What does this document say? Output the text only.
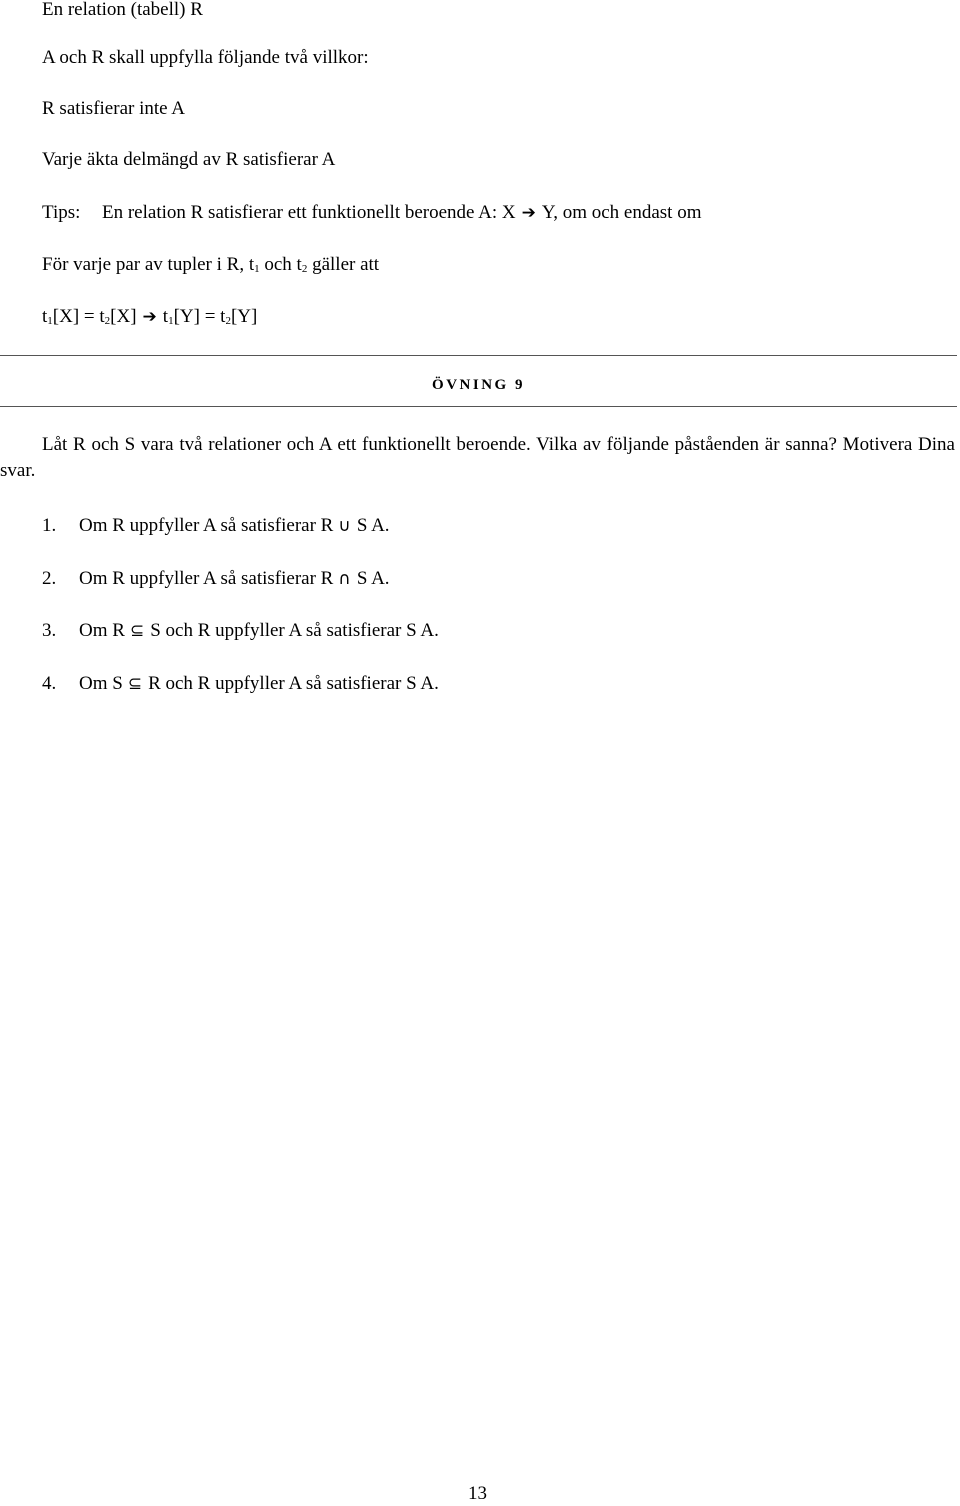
En relation (tabell) R
A och R skall uppfylla följande två villkor:
R satisfierar inte A
Varje äkta delmängd av R satisfierar A
Tips: En relation R satisfierar ett funktionellt beroende A: X ➔ Y, om och endast om
För varje par av tupler i R, $t_1$ och $t_2$ gäller att
$t_1[X] = t_2[X]$ ➔ $t_1[Y] = t_2[Y]$
ÖVNING 9
Låt R och S vara två relationer och A ett funktionellt beroende. Vilka av följande påståenden är sanna? Motivera Dina svar.
1. Om R uppfyller A så satisfierar R ∪ S A.
2. Om R uppfyller A så satisfierar R ∩ S A.
3. Om R ⊆ S och R uppfyller A så satisfierar S A.
4. Om S ⊆ R och R uppfyller A så satisfierar S A.
13
